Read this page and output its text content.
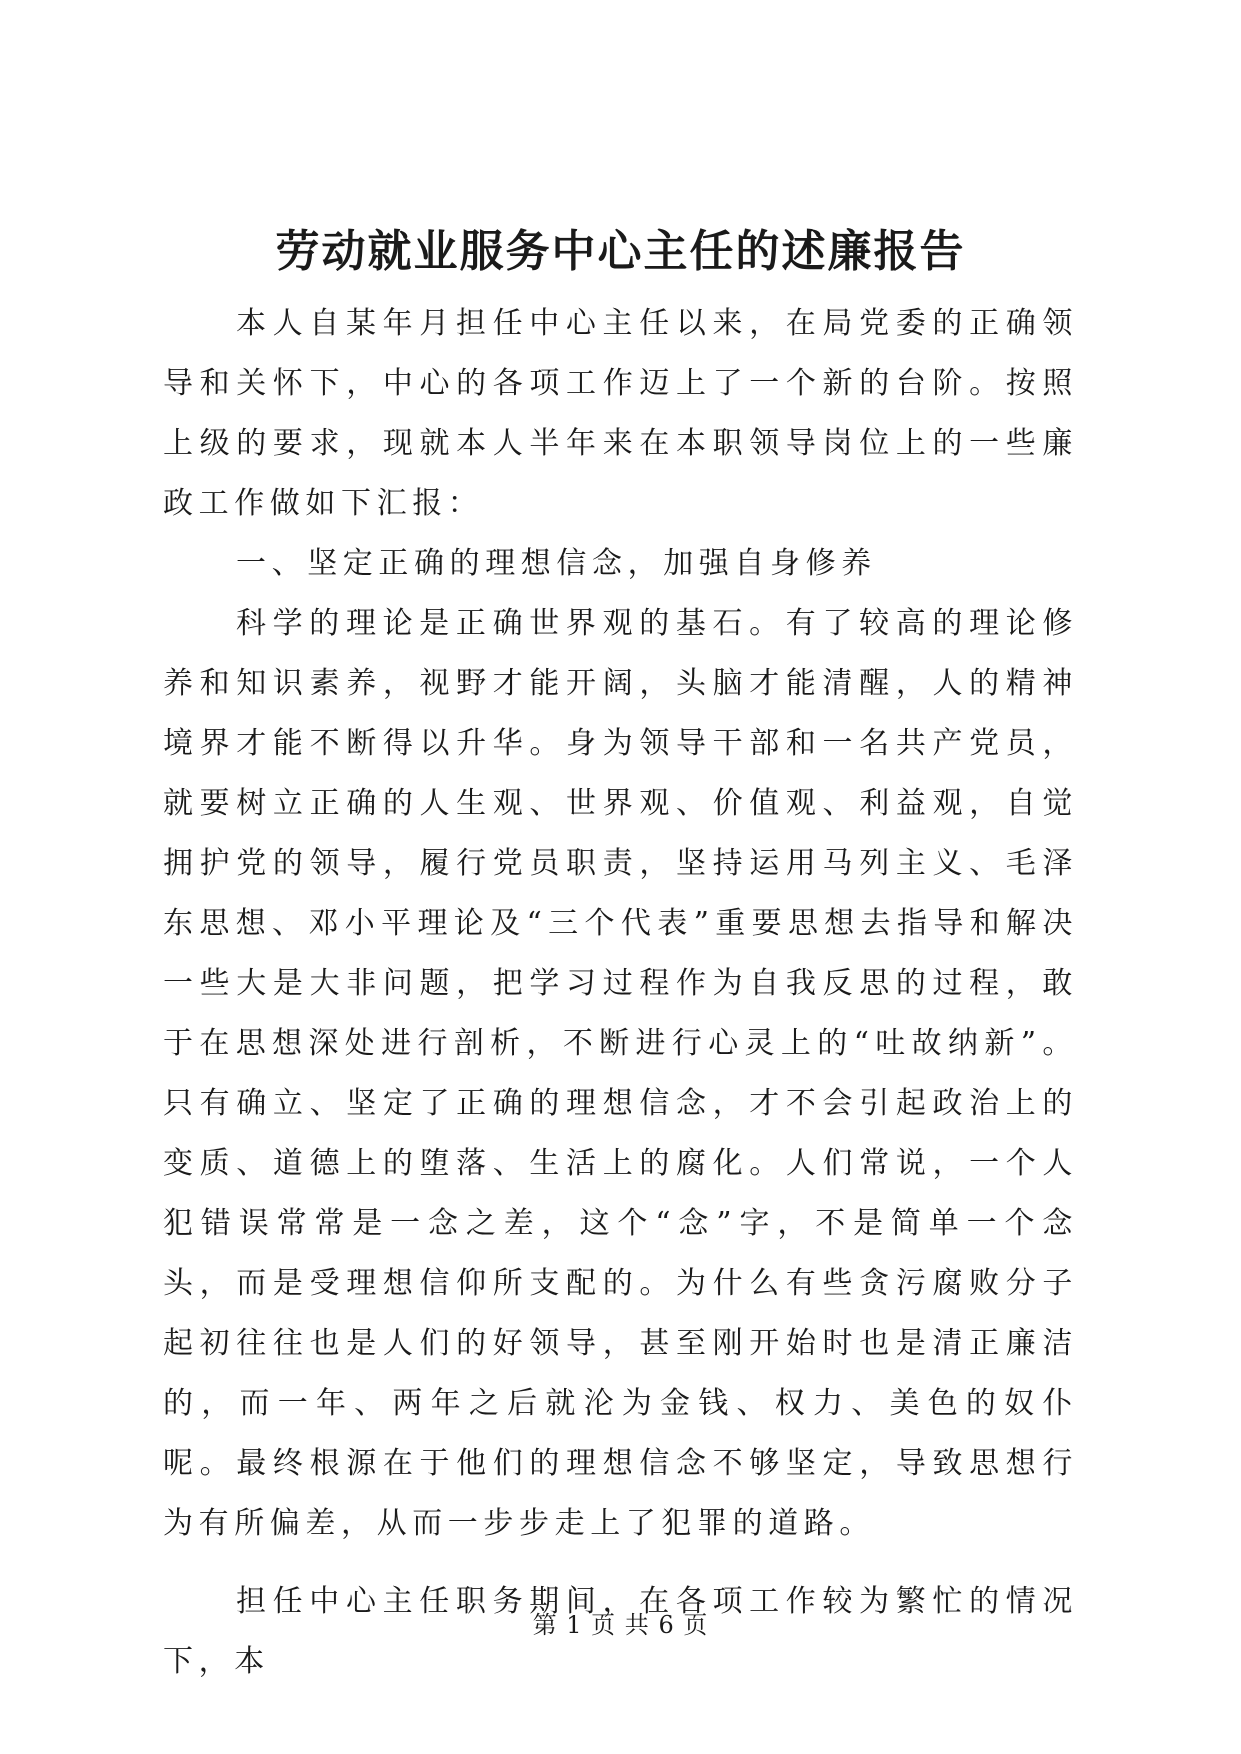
劳动就业服务中心主任的述廉报告

本人自某年月担任中心主任以来，在局党委的正确领导和关怀下，中心的各项工作迈上了一个新的台阶。按照上级的要求，现就本人半年来在本职领导岗位上的一些廉政工作做如下汇报：

一、坚定正确的理想信念，加强自身修养

科学的理论是正确世界观的基石。有了较高的理论修养和知识素养，视野才能开阔，头脑才能清醒，人的精神境界才能不断得以升华。身为领导干部和一名共产党员，就要树立正确的人生观、世界观、价值观、利益观，自觉拥护党的领导，履行党员职责，坚持运用马列主义、毛泽东思想、邓小平理论及“三个代表”重要思想去指导和解决一些大是大非问题，把学习过程作为自我反思的过程，敢于在思想深处进行剖析，不断进行心灵上的“吐故纳新”。只有确立、坚定了正确的理想信念，才不会引起政治上的变质、道德上的堕落、生活上的腐化。人们常说，一个人犯错误常常是一念之差，这个“念”字，不是简单一个念头，而是受理想信仰所支配的。为什么有些贪污腐败分子起初往往也是人们的好领导，甚至刚开始时也是清正廉洁的，而一年、两年之后就沦为金钱、权力、美色的奴仆呢。最终根源在于他们的理想信念不够坚定，导致思想行为有所偏差，从而一步步走上了犯罪的道路。

担任中心主任职务期间，在各项工作较为繁忙的情况下，本

第 1 页 共 6 页
